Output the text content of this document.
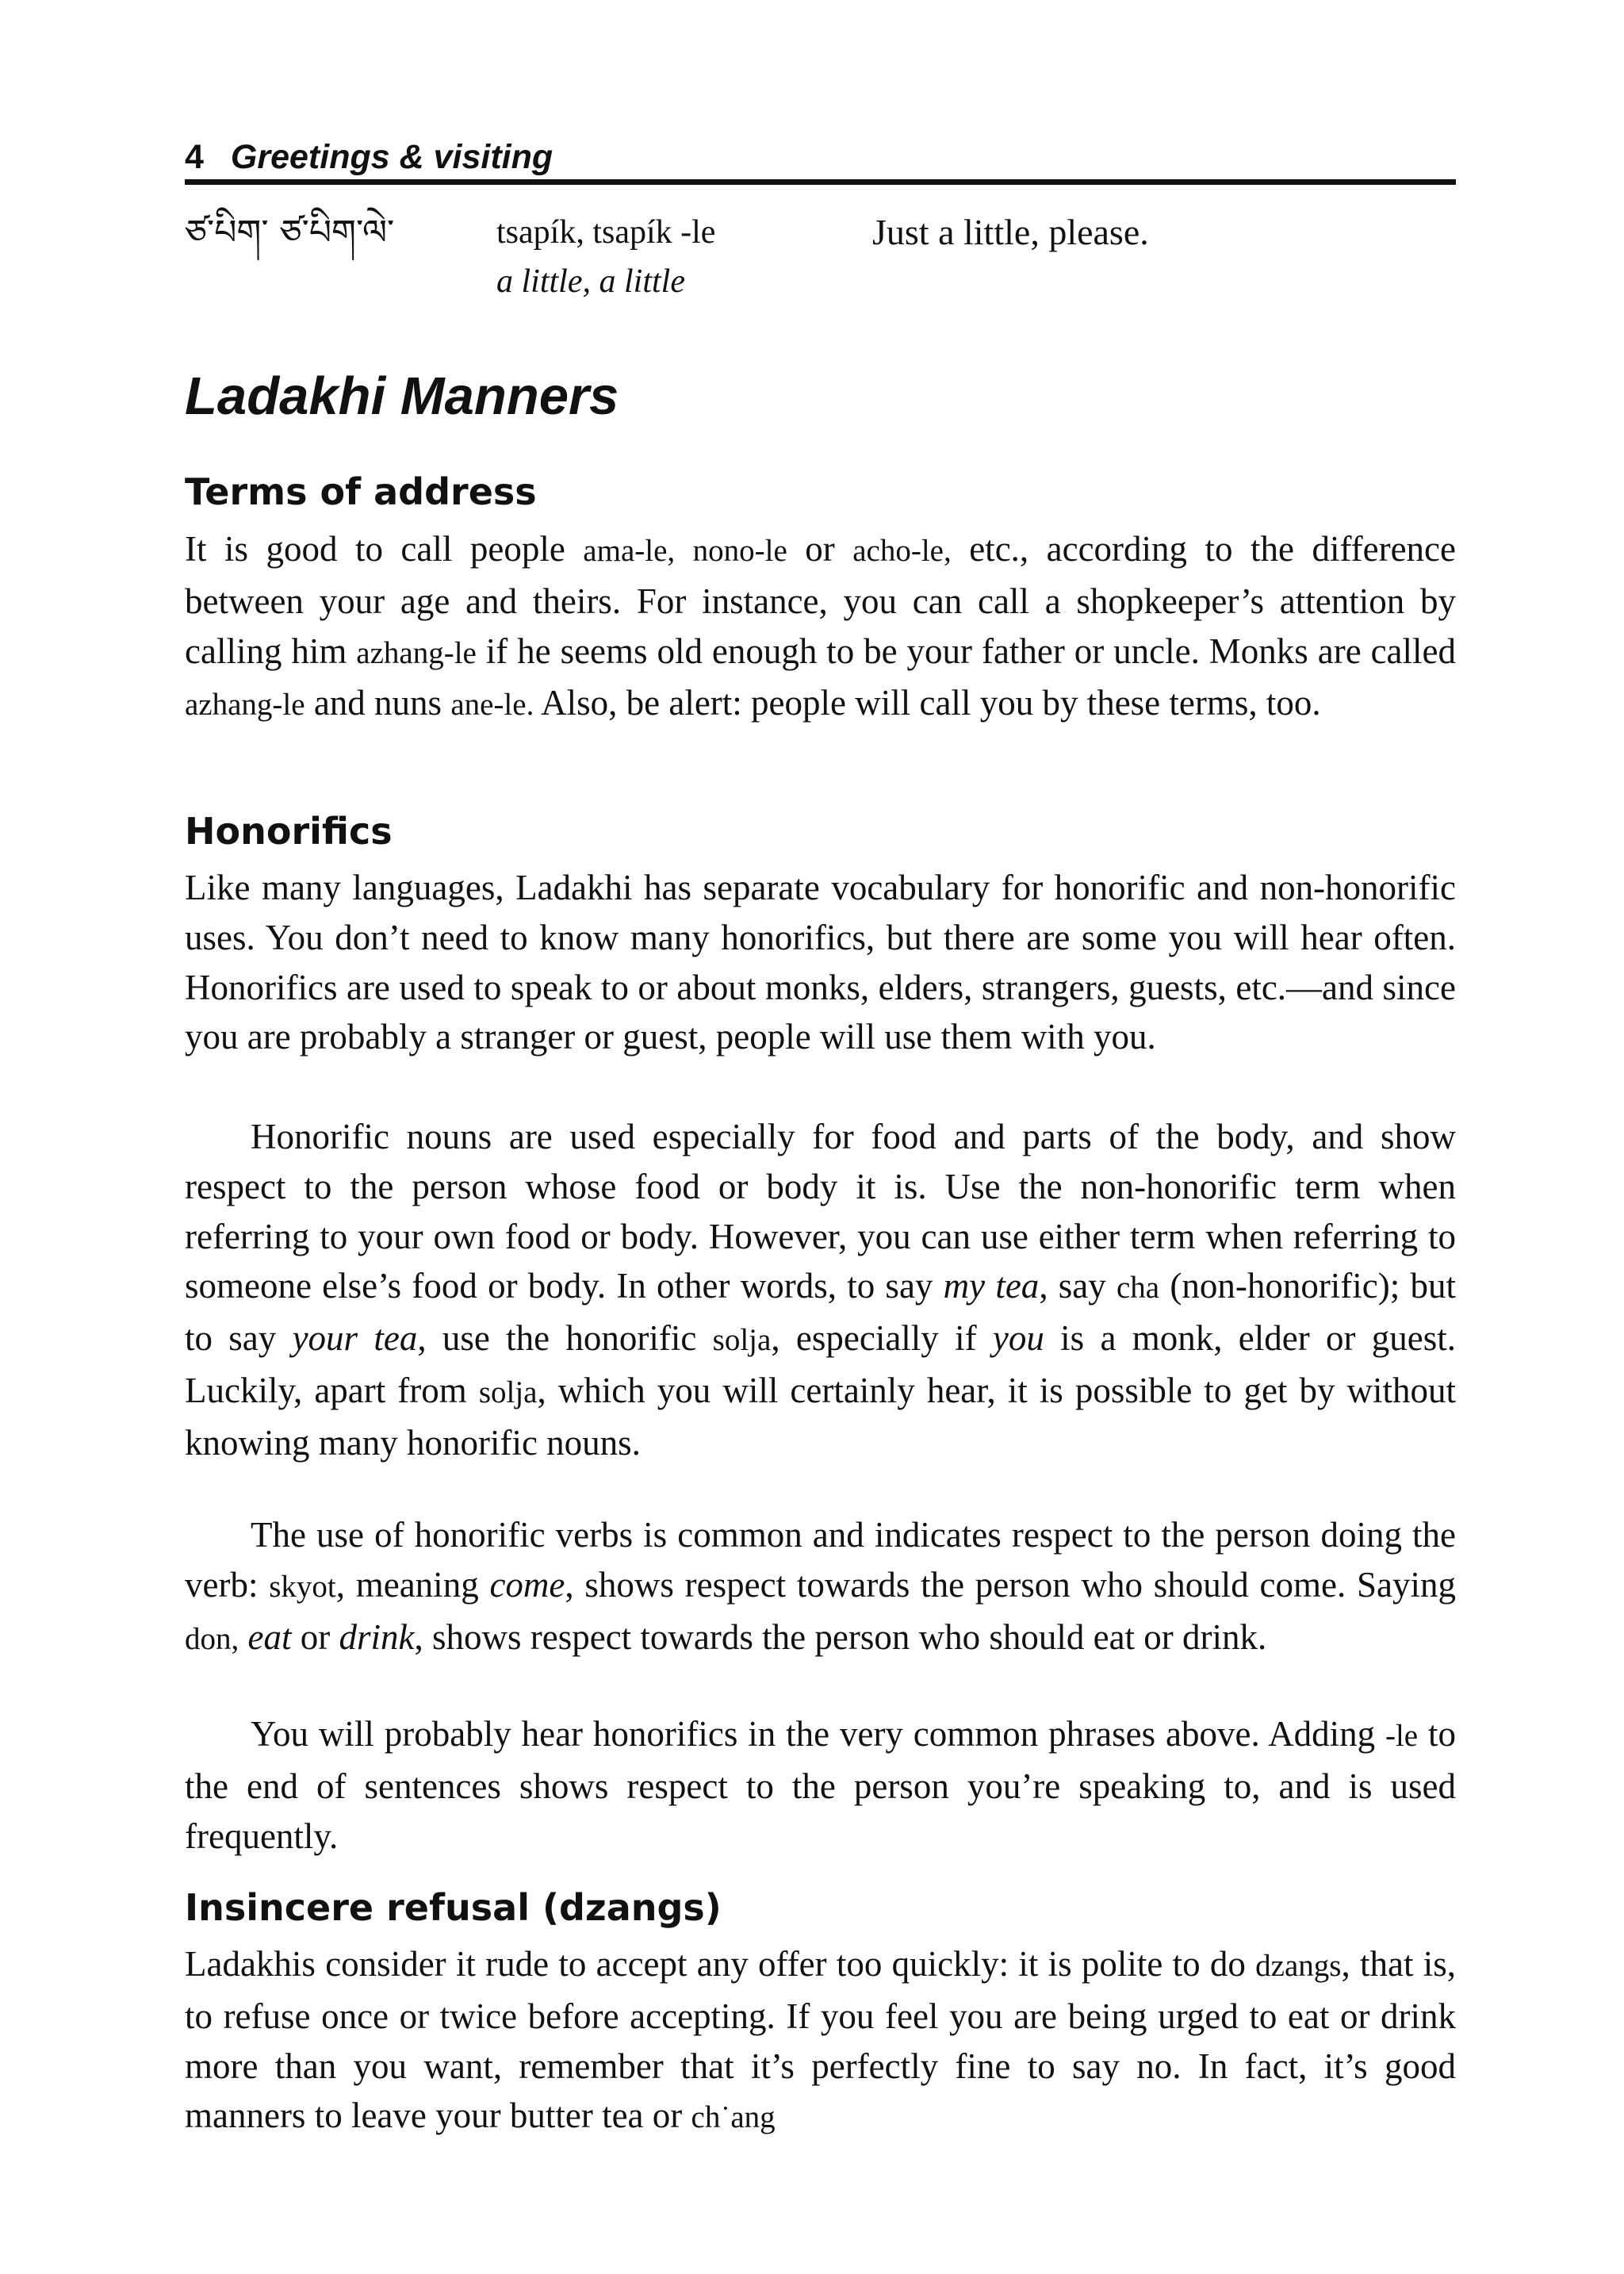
4 Greetings & visiting
ཙ་པིག་ ཙ་པིག་ལེ་	tsapík, tsapík -le
a little, a little
Just a little, please.
Ladakhi Manners
Terms of address

It is good to call people ama-le, nono-le or acho-le, etc., according to the difference between your age and theirs. For instance, you can call a shopkeeper’s attention by calling him azhang-le if he seems old enough to be your father or uncle. Monks are called azhang-le and nuns ane-le. Also, be alert: people will call you by these terms, too.

Honorifics

Like many languages, Ladakhi has separate vocabulary for honorific and non-honorific uses. You don’t need to know many honorifics, but there are some you will hear often. Honorifics are used to speak to or about monks, elders, strangers, guests, etc.—and since you are probably a stranger or guest, people will use them with you.

Honorific nouns are used especially for food and parts of the body, and show respect to the person whose food or body it is. Use the non-honorific term when referring to your own food or body. However, you can use either term when referring to someone else’s food or body. In other words, to say my tea, say cha (non-honorific); but to say your tea, use the honorific solja, especially if you is a monk, elder or guest. Luckily, apart from solja, which you will certainly hear, it is possible to get by without knowing many honorific nouns.

The use of honorific verbs is common and indicates respect to the person doing the verb: skyot, meaning come, shows respect towards the person who should come. Saying don, eat or drink, shows respect towards the person who should eat or drink.

You will probably hear honorifics in the very common phrases above. Adding -le to the end of sentences shows respect to the person you’re speaking to, and is used frequently.

Insincere refusal (dzangs)

Ladakhis consider it rude to accept any offer too quickly: it is polite to do dzangs, that is, to refuse once or twice before accepting. If you feel you are being urged to eat or drink more than you want, remember that it’s perfectly fine to say no. In fact, it’s good manners to leave your butter tea or ch˙ang
